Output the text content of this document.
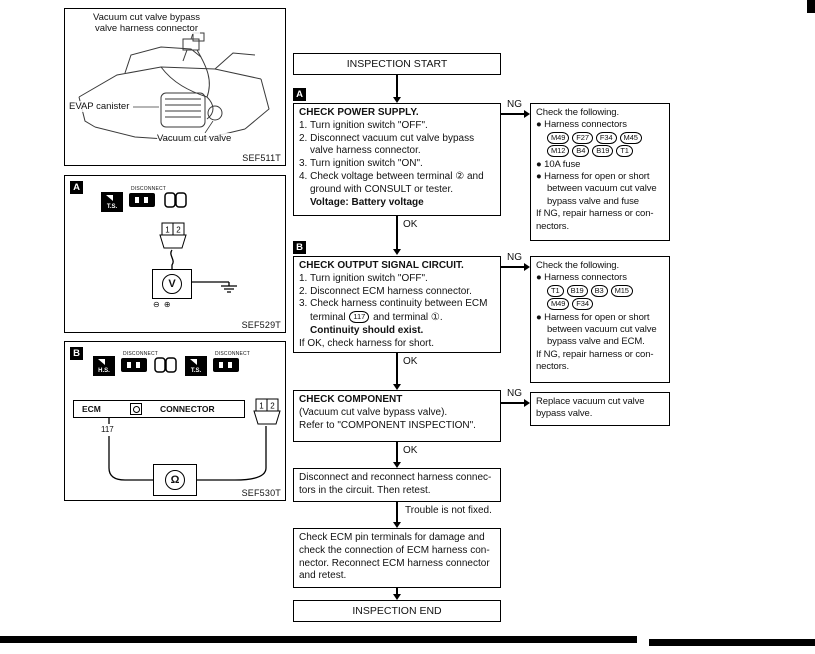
Vacuum cut valve bypass
valve harness connector
EVAP canister
Vacuum cut valve
SEF511T
A
T.S.
DISCONNECT
1 2
V
⊖ ⊕
SEF529T
B
H.S.
DISCONNECT
T.S.
DISCONNECT
ECM	CONNECTOR
117
1 2
Ω
SEF530T
INSPECTION START
A
CHECK POWER SUPPLY.
1. Turn ignition switch "OFF".
2. Disconnect vacuum cut valve bypass
valve harness connector.
3. Turn ignition switch "ON".
4. Check voltage between terminal ② and
ground with CONSULT or tester.
Voltage: Battery voltage
NG
Check the following.
● Harness connectors
M49 F27 F34 M45
M12 B4 B19 T1
● 10A fuse
● Harness for open or short
between vacuum cut valve
bypass valve and fuse
If NG, repair harness or con-
nectors.
OK
B
CHECK OUTPUT SIGNAL CIRCUIT.
1. Turn ignition switch "OFF".
2. Disconnect ECM harness connector.
3. Check harness continuity between ECM
terminal 117 and terminal ①.
Continuity should exist.
If OK, check harness for short.
NG
Check the following.
● Harness connectors
T1 B19 B3 M15
M49 F34
● Harness for open or short
between vacuum cut valve
bypass valve and ECM.
If NG, repair harness or con-
nectors.
OK
CHECK COMPONENT
(Vacuum cut valve bypass valve).
Refer to "COMPONENT INSPECTION".
NG
Replace vacuum cut valve
bypass valve.
OK
Disconnect and reconnect harness connec-
tors in the circuit. Then retest.
Trouble is not fixed.
Check ECM pin terminals for damage and
check the connection of ECM harness con-
nector. Reconnect ECM harness connector
and retest.
INSPECTION END
